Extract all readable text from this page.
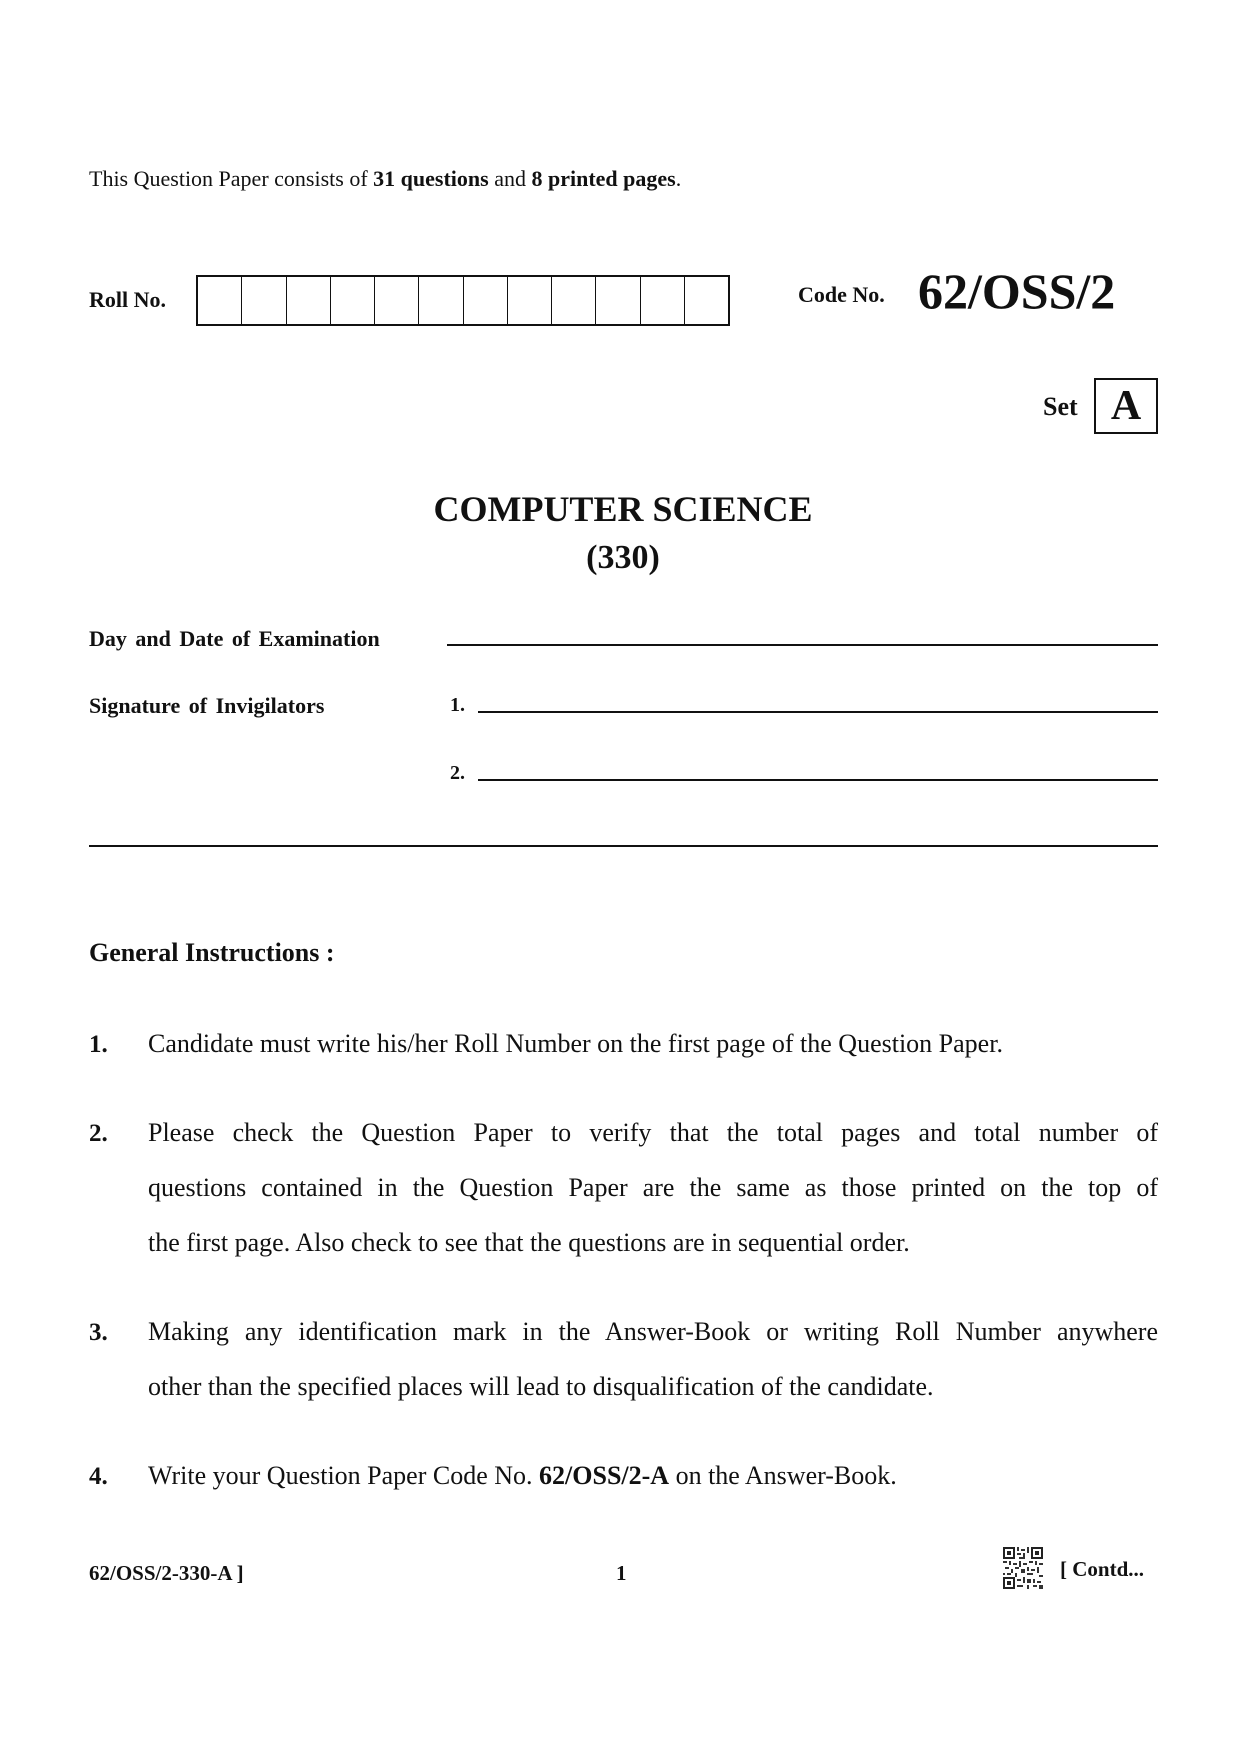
This Question Paper consists of 31 questions and 8 printed pages.
Roll No.	Code No. 62/OSS/2
Set A
COMPUTER SCIENCE
(330)
Day and Date of Examination
Signature of Invigilators	1.
2.
General Instructions :
1. Candidate must write his/her Roll Number on the first page of the Question Paper.
2. Please check the Question Paper to verify that the total pages and total number of
questions contained in the Question Paper are the same as those printed on the top of
the first page. Also check to see that the questions are in sequential order.
3. Making any identification mark in the Answer-Book or writing Roll Number anywhere
other than the specified places will lead to disqualification of the candidate.
4. Write your Question Paper Code No. 62/OSS/2-A on the Answer-Book.
62/OSS/2-330-A ]	1	[ Contd...
